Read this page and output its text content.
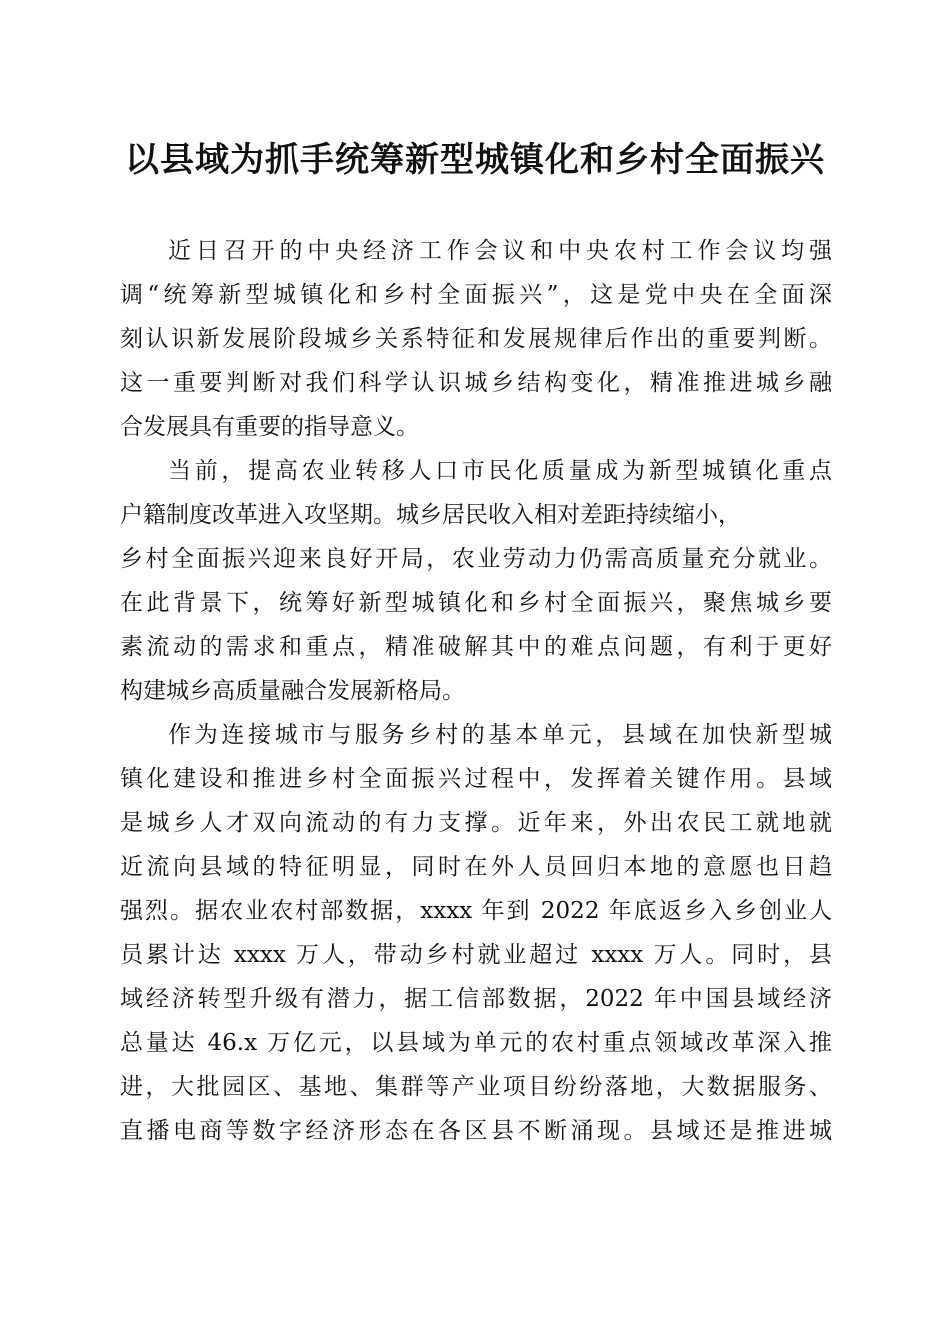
以县域为抓手统筹新型城镇化和乡村全面振兴
近日召开的中央经济工作会议和中央农村工作会议均强
调“统筹新型城镇化和乡村全面振兴”，这是党中央在全面深
刻认识新发展阶段城乡关系特征和发展规律后作出的重要判断。
这一重要判断对我们科学认识城乡结构变化，精准推进城乡融
合发展具有重要的指导意义。
当前，提高农业转移人口市民化质量成为新型城镇化重点
户籍制度改革进入攻坚期。城乡居民收入相对差距持续缩小，
乡村全面振兴迎来良好开局，农业劳动力仍需高质量充分就业。
在此背景下，统筹好新型城镇化和乡村全面振兴，聚焦城乡要
素流动的需求和重点，精准破解其中的难点问题，有利于更好
构建城乡高质量融合发展新格局。
作为连接城市与服务乡村的基本单元，县域在加快新型城
镇化建设和推进乡村全面振兴过程中，发挥着关键作用。县域
是城乡人才双向流动的有力支撑。近年来，外出农民工就地就
近流向县域的特征明显，同时在外人员回归本地的意愿也日趋
强烈。据农业农村部数据，xxxx 年到 2022 年底返乡入乡创业人
员累计达 xxxx 万人，带动乡村就业超过 xxxx 万人。同时，县
域经济转型升级有潜力，据工信部数据，2022 年中国县域经济
总量达 46.x 万亿元，以县域为单元的农村重点领域改革深入推
进，大批园区、基地、集群等产业项目纷纷落地，大数据服务、
直播电商等数字经济形态在各区县不断涌现。县域还是推进城
